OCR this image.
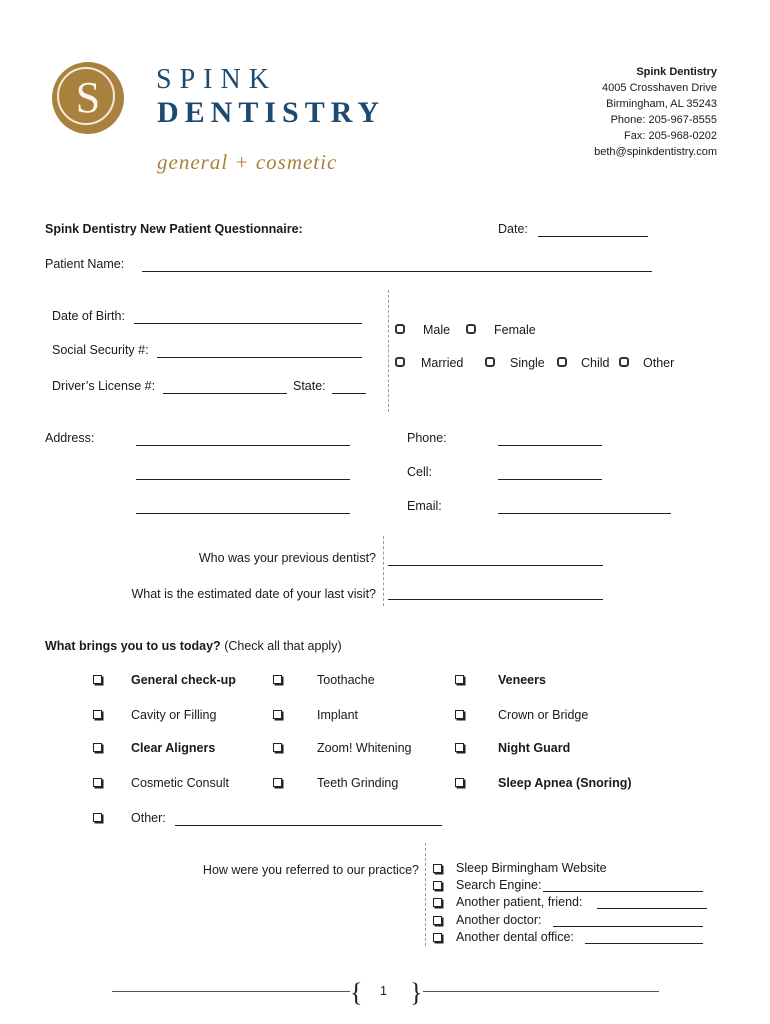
S	SPINK
DENTISTRY
general + cosmetic
Spink Dentistry
4005 Crosshaven Drive
Birmingham, AL 35243
Phone: 205-967-8555
Fax: 205-968-0202
beth@spinkdentistry.com
Spink Dentistry New Patient Questionnaire:	Date:
Patient Name:
Date of Birth:
Social Security #:
Driver’s License #:	State:
Male	Female
Married	Single	Child	Other
Address:	Phone:
Cell:
Email:
Who was your previous dentist?
What is the estimated date of your last visit?
What brings you to us today? (Check all that apply)
General check-up	Toothache	Veneers
Cavity or Filling	Implant	Crown or Bridge
Clear Aligners	Zoom! Whitening	Night Guard
Cosmetic Consult	Teeth Grinding	Sleep Apnea (Snoring)
Other:
How were you referred to our practice?	Sleep Birmingham Website
Search Engine:
Another patient, friend:
Another doctor:
Another dental office:
{ 1 }
